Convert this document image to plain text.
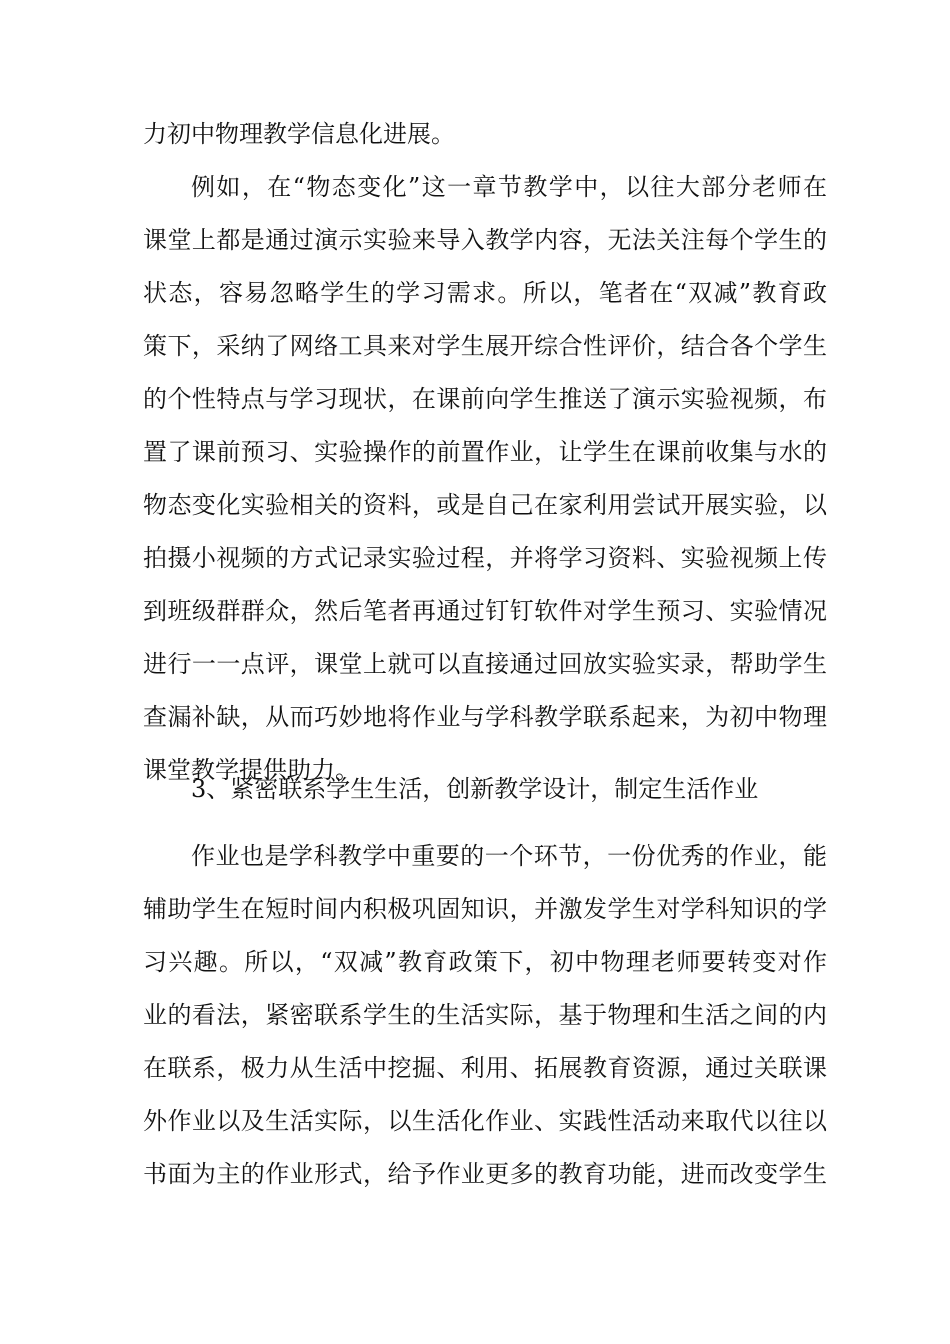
力初中物理教学信息化进展。
例如，在“物态变化”这一章节教学中，以往大部分老师在
课堂上都是通过演示实验来导入教学内容，无法关注每个学生的
状态，容易忽略学生的学习需求。所以，笔者在“双减”教育政
策下，采纳了网络工具来对学生展开综合性评价，结合各个学生
的个性特点与学习现状，在课前向学生推送了演示实验视频，布
置了课前预习、实验操作的前置作业，让学生在课前收集与水的
物态变化实验相关的资料，或是自己在家利用尝试开展实验，以
拍摄小视频的方式记录实验过程，并将学习资料、实验视频上传
到班级群群众，然后笔者再通过钉钉软件对学生预习、实验情况
进行一一点评，课堂上就可以直接通过回放实验实录，帮助学生
查漏补缺，从而巧妙地将作业与学科教学联系起来，为初中物理
课堂教学提供助力。
3、紧密联系学生生活，创新教学设计，制定生活作业
作业也是学科教学中重要的一个环节，一份优秀的作业，能
辅助学生在短时间内积极巩固知识，并激发学生对学科知识的学
习兴趣。所以，“双减”教育政策下，初中物理老师要转变对作
业的看法，紧密联系学生的生活实际，基于物理和生活之间的内
在联系，极力从生活中挖掘、利用、拓展教育资源，通过关联课
外作业以及生活实际，以生活化作业、实践性活动来取代以往以
书面为主的作业形式，给予作业更多的教育功能，进而改变学生
